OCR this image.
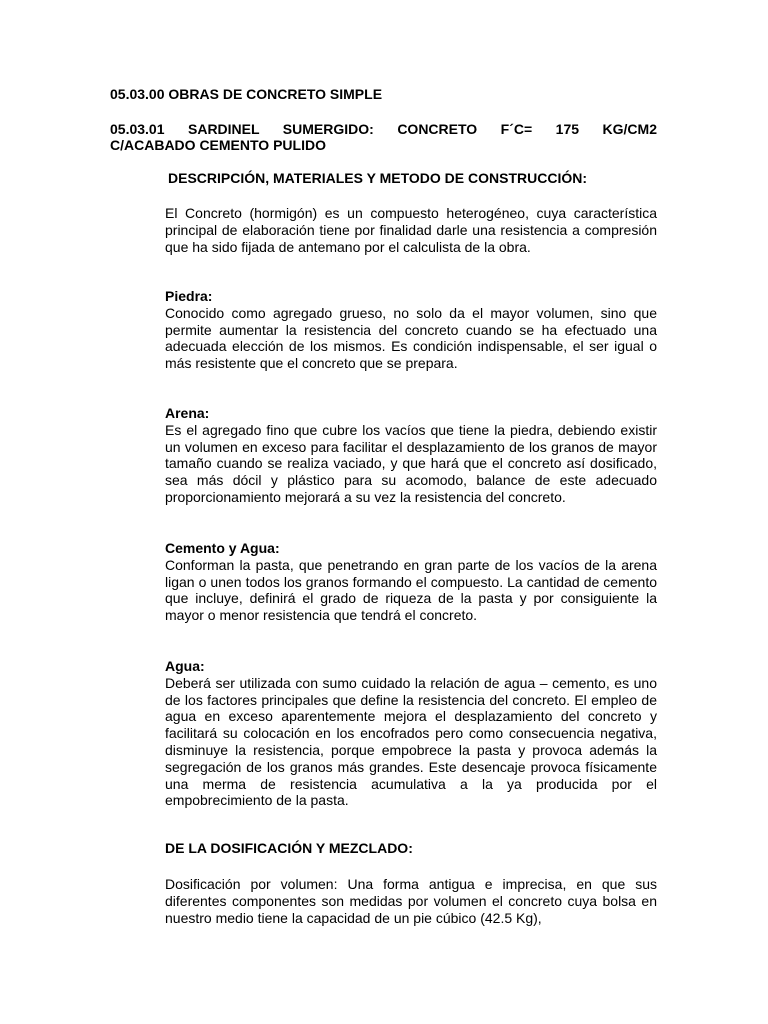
05.03.00 OBRAS DE CONCRETO SIMPLE
05.03.01 SARDINEL SUMERGIDO: CONCRETO F´C= 175 KG/CM2
C/ACABADO CEMENTO PULIDO
DESCRIPCIÓN, MATERIALES Y METODO DE CONSTRUCCIÓN:
El Concreto (hormigón) es un compuesto heterogéneo, cuya característica principal de elaboración tiene por finalidad darle una resistencia a compresión que ha sido fijada de antemano por el calculista de la obra.
Piedra:
Conocido como agregado grueso, no solo da el mayor volumen, sino que permite aumentar la resistencia del concreto cuando se ha efectuado una adecuada elección de los mismos. Es condición indispensable, el ser igual o más resistente que el concreto que se prepara.
Arena:
Es el agregado fino que cubre los vacíos que tiene la piedra, debiendo existir un volumen en exceso para facilitar el desplazamiento de los granos de mayor tamaño cuando se realiza vaciado, y que hará que el concreto así dosificado, sea más dócil y plástico para su acomodo, balance de este adecuado proporcionamiento mejorará a su vez la resistencia del concreto.
Cemento y Agua:
Conforman la pasta, que penetrando en gran parte de los vacíos de la arena ligan o unen todos los granos formando el compuesto. La cantidad de cemento que incluye, definirá el grado de riqueza de la pasta y por consiguiente la mayor o menor resistencia que tendrá el concreto.
Agua:
Deberá ser utilizada con sumo cuidado la relación de agua – cemento, es uno de los factores principales que define la resistencia del concreto. El empleo de agua en exceso aparentemente mejora el desplazamiento del concreto y facilitará su colocación en los encofrados pero como consecuencia negativa, disminuye la resistencia, porque empobrece la pasta y provoca además la segregación de los granos más grandes. Este desencaje provoca físicamente una merma de resistencia acumulativa a la ya producida por el empobrecimiento de la pasta.
DE LA DOSIFICACIÓN Y MEZCLADO:
Dosificación por volumen: Una forma antigua e imprecisa, en que sus diferentes componentes son medidas por volumen el concreto cuya bolsa en nuestro medio tiene la capacidad de un pie cúbico (42.5 Kg),
